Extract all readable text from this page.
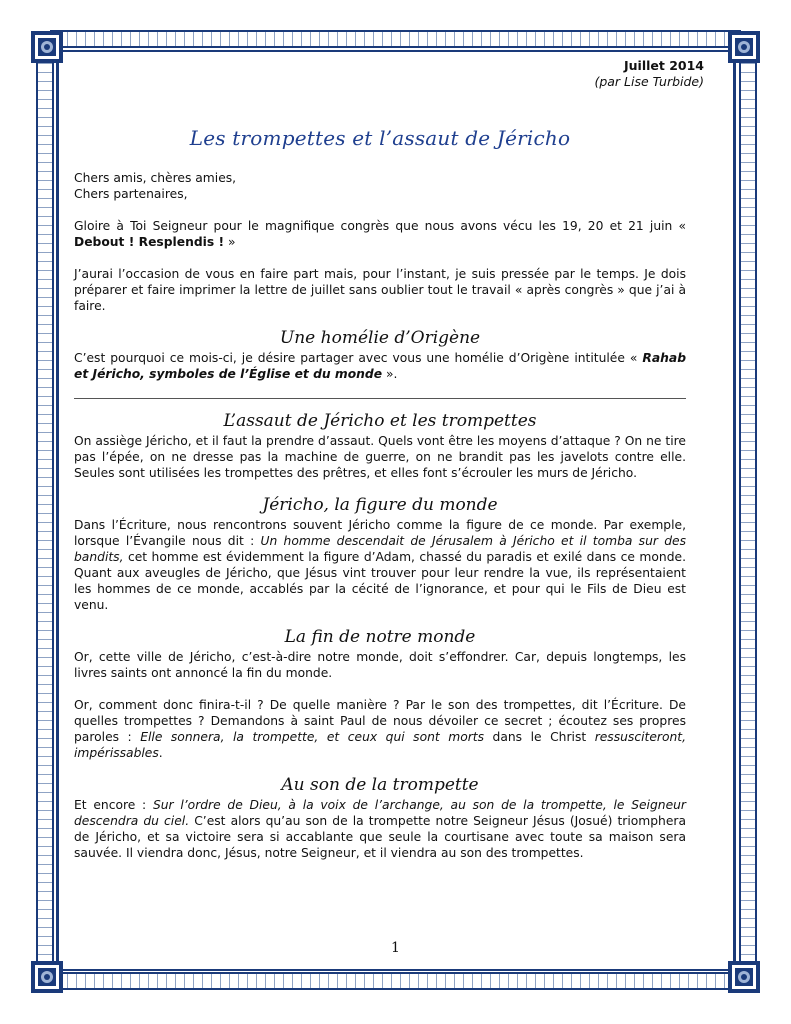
Juillet 2014
(par Lise Turbide)
Les trompettes et l’assaut de Jéricho

Chers amis, chères amies,

Chers partenaires,

Gloire à Toi Seigneur pour le magnifique congrès que nous avons vécu les 19, 20 et 21 juin « Debout ! Resplendis ! »

J’aurai l’occasion de vous en faire part mais, pour l’instant, je suis pressée par le temps. Je dois préparer et faire imprimer la lettre de juillet sans oublier tout le travail « après congrès » que j’ai à faire.

Une homélie d’Origène

C’est pourquoi ce mois-ci, je désire partager avec vous une homélie d’Origène intitulée « Rahab et Jéricho, symboles de l’Église et du monde ».

L’assaut de Jéricho et les trompettes

On assiège Jéricho, et il faut la prendre d’assaut. Quels vont être les moyens d’attaque ? On ne tire pas l’épée, on ne dresse pas la machine de guerre, on ne brandit pas les javelots contre elle. Seules sont utilisées les trompettes des prêtres, et elles font s’écrouler les murs de Jéricho.

Jéricho, la figure du monde

Dans l’Écriture, nous rencontrons souvent Jéricho comme la figure de ce monde. Par exemple, lorsque l’Évangile nous dit : Un homme descendait de Jérusalem à Jéricho et il tomba sur des bandits, cet homme est évidemment la figure d’Adam, chassé du paradis et exilé dans ce monde. Quant aux aveugles de Jéricho, que Jésus vint trouver pour leur rendre la vue, ils représentaient les hommes de ce monde, accablés par la cécité de l’ignorance, et pour qui le Fils de Dieu est venu.

La fin de notre monde

Or, cette ville de Jéricho, c’est-à-dire notre monde, doit s’effondrer. Car, depuis longtemps, les livres saints ont annoncé la fin du monde.

Or, comment donc finira-t-il ? De quelle manière ? Par le son des trompettes, dit l’Écriture. De quelles trompettes ? Demandons à saint Paul de nous dévoiler ce secret ; écoutez ses propres paroles : Elle sonnera, la trompette, et ceux qui sont morts dans le Christ ressusciteront, impérissables.

Au son de la trompette

Et encore : Sur l’ordre de Dieu, à la voix de l’archange, au son de la trompette, le Seigneur descendra du ciel. C’est alors qu’au son de la trompette notre Seigneur Jésus (Josué) triomphera de Jéricho, et sa victoire sera si accablante que seule la courtisane avec toute sa maison sera sauvée. Il viendra donc, Jésus, notre Seigneur, et il viendra au son des trompettes.

1
